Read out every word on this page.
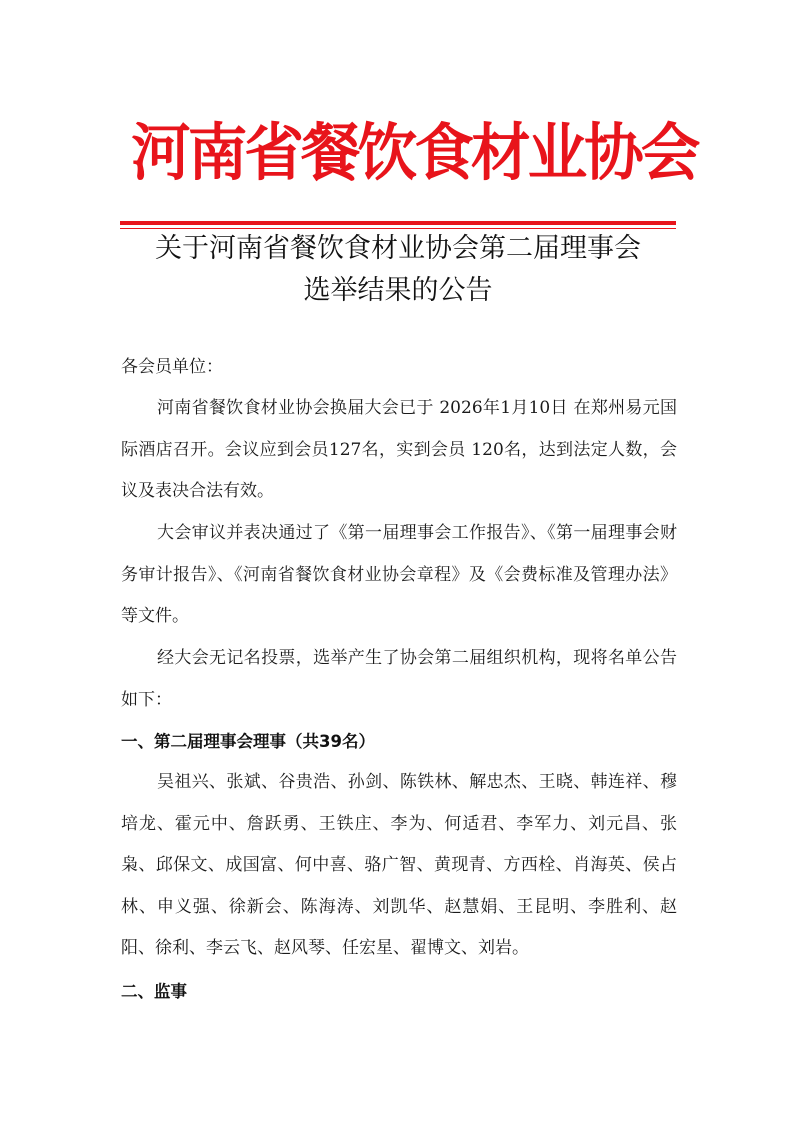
河南省餐饮食材业协会
关于河南省餐饮食材业协会第二届理事会
选举结果的公告
各会员单位：
河南省餐饮食材业协会换届大会已于 2026年1月10日 在郑州易元国际酒店召开。会议应到会员127名，实到会员 120名，达到法定人数，会议及表决合法有效。
大会审议并表决通过了《第一届理事会工作报告》、《第一届理事会财务审计报告》、《河南省餐饮食材业协会章程》及《会费标准及管理办法》等文件。
经大会无记名投票，选举产生了协会第二届组织机构，现将名单公告如下：
一、第二届理事会理事（共39名）
吴祖兴、张斌、谷贵浩、孙剑、陈铁林、解忠杰、王晓、韩连祥、穆培龙、霍元中、詹跃勇、王铁庄、李为、何适君、李军力、刘元昌、张枭、邱保文、成国富、何中喜、骆广智、黄现青、方西栓、肖海英、侯占林、申义强、徐新会、陈海涛、刘凯华、赵慧娟、王昆明、李胜利、赵阳、徐利、李云飞、赵风琴、任宏星、翟博文、刘岩。
二、监事
